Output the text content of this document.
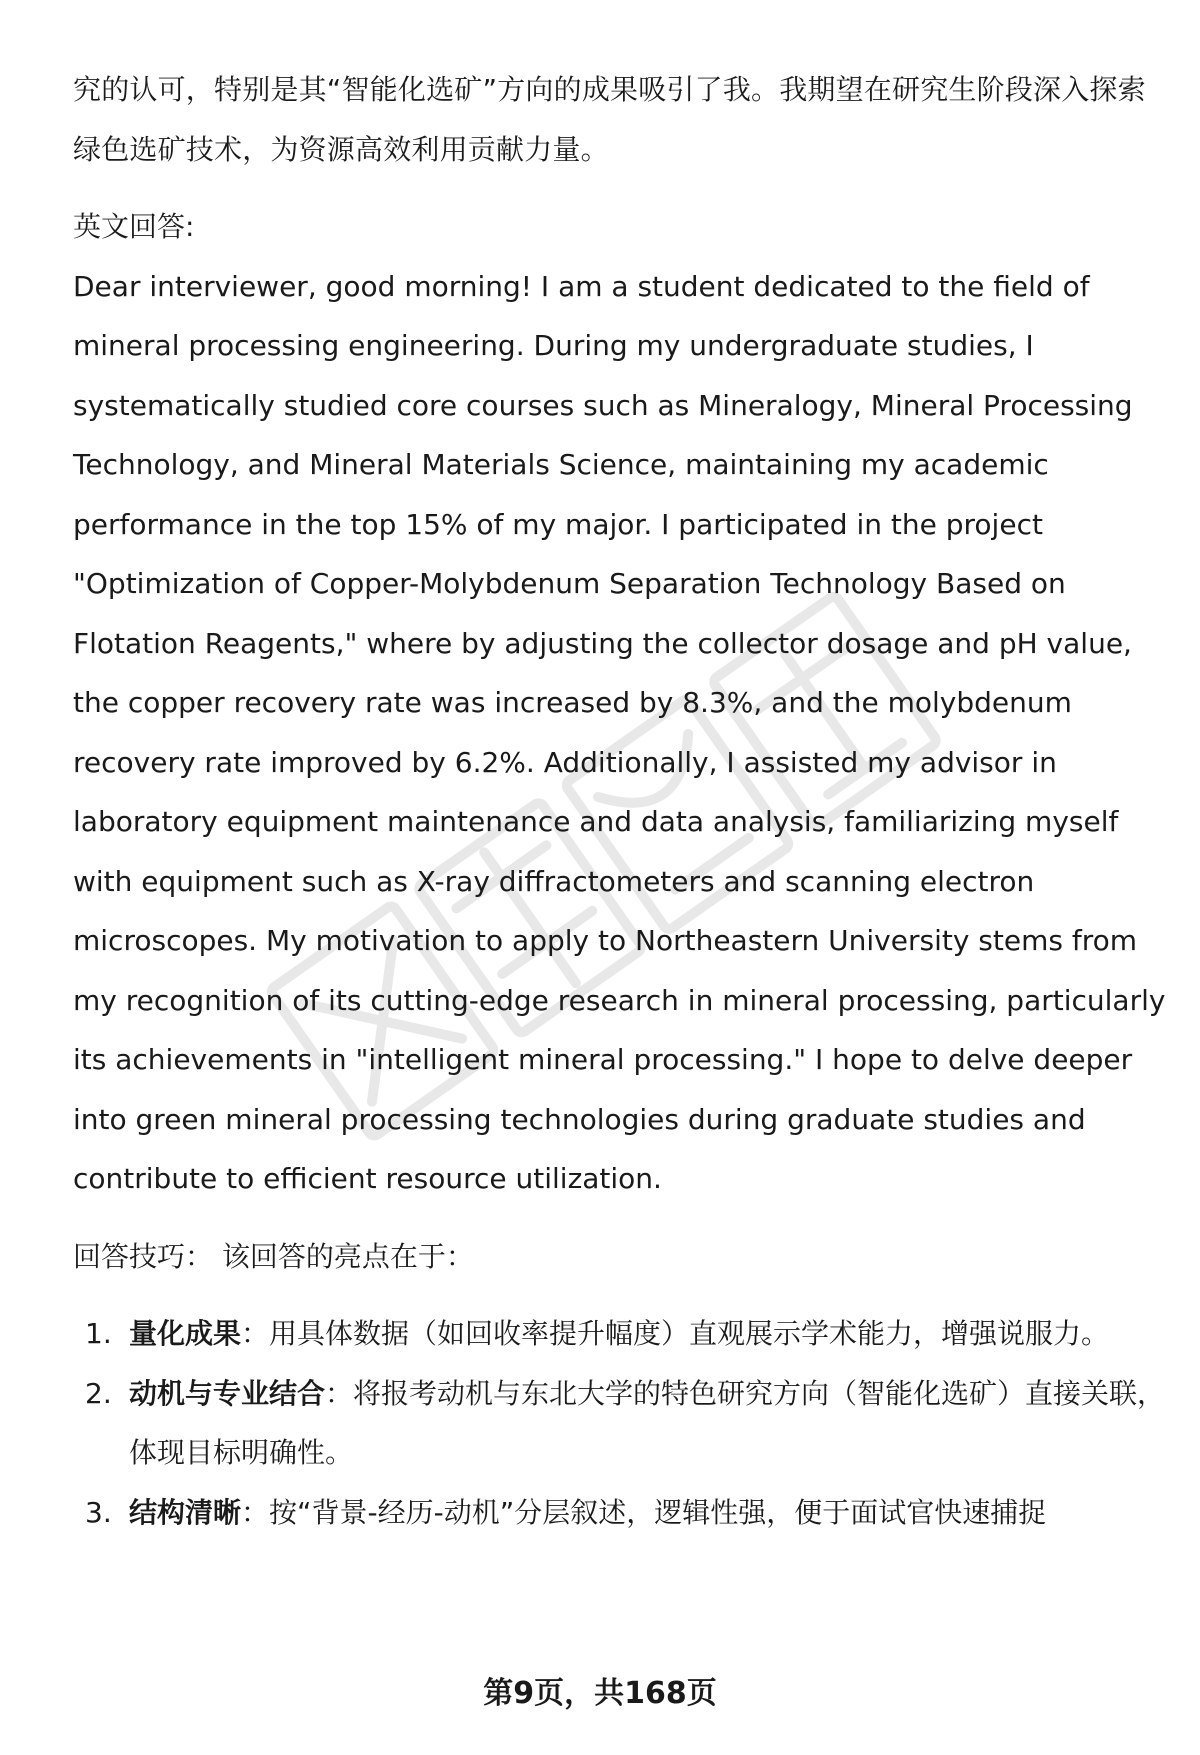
究的认可，特别是其“智能化选矿”方向的成果吸引了我。我期望在研究生阶段深入探索绿色选矿技术，为资源高效利用贡献力量。

英文回答:

Dear interviewer, good morning! I am a student dedicated to the field of mineral processing engineering. During my undergraduate studies, I systematically studied core courses such as Mineralogy, Mineral Processing Technology, and Mineral Materials Science, maintaining my academic performance in the top 15% of my major. I participated in the project "Optimization of Copper-Molybdenum Separation Technology Based on Flotation Reagents," where by adjusting the collector dosage and pH value, the copper recovery rate was increased by 8.3%, and the molybdenum recovery rate improved by 6.2%. Additionally, I assisted my advisor in laboratory equipment maintenance and data analysis, familiarizing myself with equipment such as X-ray diffractometers and scanning electron microscopes. My motivation to apply to Northeastern University stems from my recognition of its cutting-edge research in mineral processing, particularly its achievements in "intelligent mineral processing." I hope to delve deeper into green mineral processing technologies during graduate studies and contribute to efficient resource utilization.

回答技巧： 该回答的亮点在于：

1. 量化成果：用具体数据（如回收率提升幅度）直观展示学术能力，增强说服力。
2. 动机与专业结合：将报考动机与东北大学的特色研究方向（智能化选矿）直接关联，体现目标明确性。
3. 结构清晰：按“背景-经历-动机”分层叙述，逻辑性强，便于面试官快速捕捉
第9页，共168页
